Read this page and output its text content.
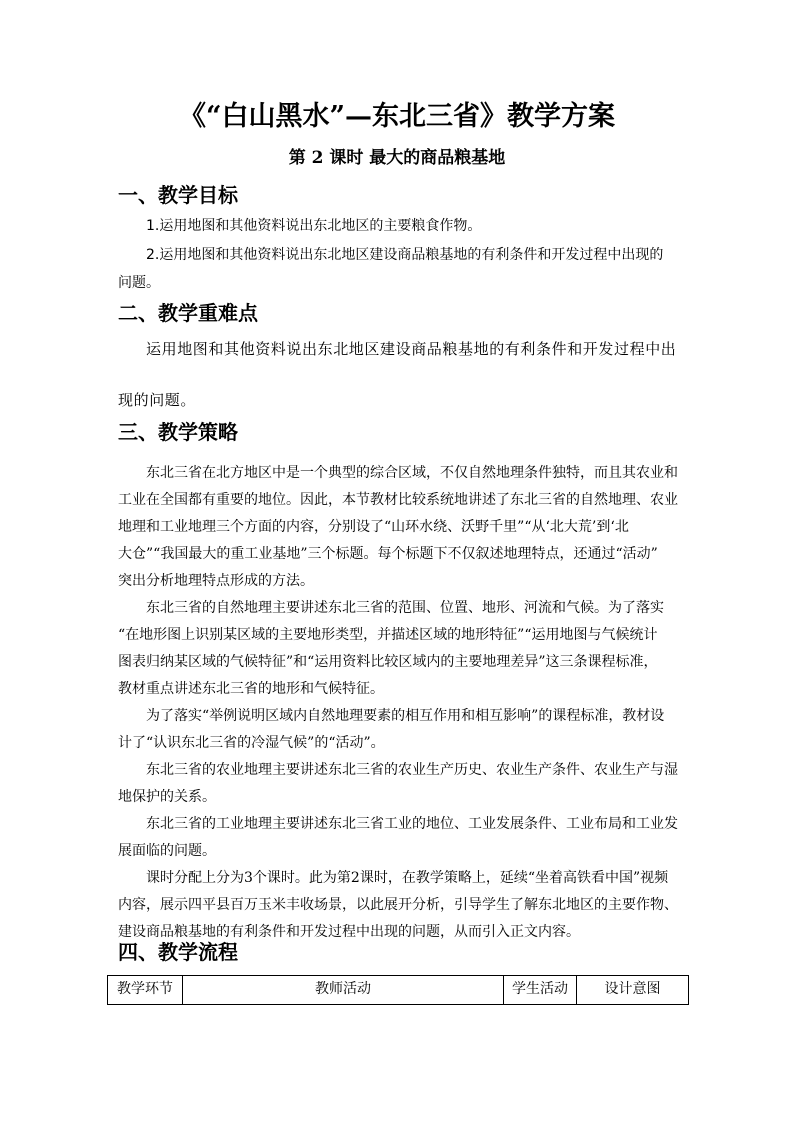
《“白山黑水”—东北三省》教学方案
第 2 课时 最大的商品粮基地
一、教学目标
1.运用地图和其他资料说出东北地区的主要粮食作物。
2.运用地图和其他资料说出东北地区建设商品粮基地的有利条件和开发过程中出现的
问题。
二、教学重难点
运用地图和其他资料说出东北地区建设商品粮基地的有利条件和开发过程中出
现的问题。
三、教学策略
东北三省在北方地区中是一个典型的综合区域，不仅自然地理条件独特，而且其农业和
工业在全国都有重要的地位。因此，本节教材比较系统地讲述了东北三省的自然地理、农业
地理和工业地理三个方面的内容，分别设了“山环水绕、沃野千里”“从‘北大荒’到‘北
大仓”“我国最大的重工业基地”三个标题。每个标题下不仅叙述地理特点，还通过“活动”
突出分析地理特点形成的方法。
东北三省的自然地理主要讲述东北三省的范围、位置、地形、河流和气候。为了落实
“在地形图上识别某区域的主要地形类型，并描述区域的地形特征”“运用地图与气候统计
图表归纳某区域的气候特征”和“运用资料比较区域内的主要地理差异”这三条课程标准，
教材重点讲述东北三省的地形和气候特征。
为了落实“举例说明区域内自然地理要素的相互作用和相互影响”的课程标准，教材设
计了“认识东北三省的冷湿气候”的“活动”。
东北三省的农业地理主要讲述东北三省的农业生产历史、农业生产条件、农业生产与湿
地保护的关系。
东北三省的工业地理主要讲述东北三省工业的地位、工业发展条件、工业布局和工业发
展面临的问题。
课时分配上分为3个课时。此为第2课时，在教学策略上，延续“坐着高铁看中国”视频
内容，展示四平县百万玉米丰收场景，以此展开分析，引导学生了解东北地区的主要作物、
建设商品粮基地的有利条件和开发过程中出现的问题，从而引入正文内容。
四、教学流程
教学环节	教师活动	学生活动	设计意图
